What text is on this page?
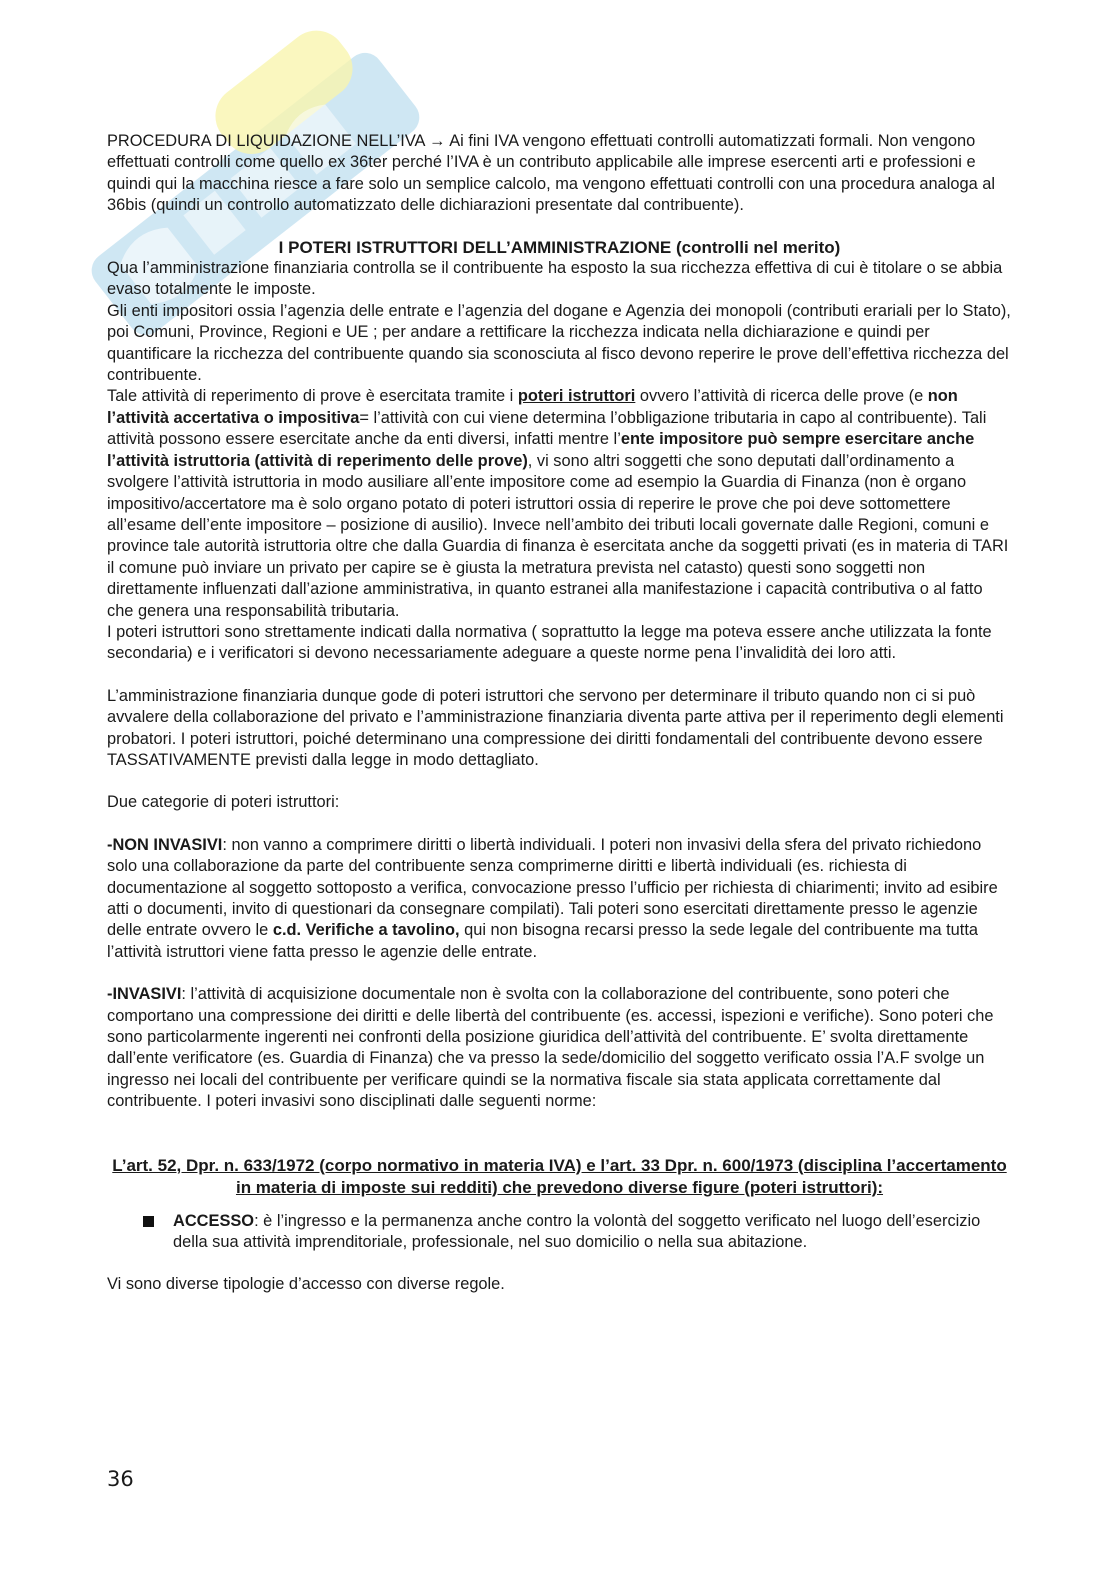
PROCEDURA DI LIQUIDAZIONE NELL’IVA → Ai fini IVA vengono effettuati controlli automatizzati formali. Non vengono effettuati controlli come quello ex 36ter perché l’IVA è un contributo applicabile alle imprese esercenti arti e professioni e quindi qui la macchina riesce a fare solo un semplice calcolo, ma vengono effettuati controlli con una procedura analoga al 36bis (quindi un controllo automatizzato delle dichiarazioni presentate dal contribuente).

I POTERI ISTRUTTORI DELL’AMMINISTRAZIONE (controlli nel merito)

Qua l’amministrazione finanziaria controlla se il contribuente ha esposto la sua ricchezza effettiva di cui è titolare o se abbia evaso totalmente le imposte.

Gli enti impositori ossia l’agenzia delle entrate e l’agenzia del dogane e Agenzia dei monopoli (contributi erariali per lo Stato), poi Comuni, Province, Regioni e UE ; per andare a rettificare la ricchezza indicata nella dichiarazione e quindi per quantificare la ricchezza del contribuente quando sia sconosciuta al fisco devono reperire le prove dell’effettiva ricchezza del contribuente.

Tale attività di reperimento di prove è esercitata tramite i poteri istruttori ovvero l’attività di ricerca delle prove (e non l’attività accertativa o impositiva= l’attività con cui viene determina l’obbligazione tributaria in capo al contribuente). Tali attività possono essere esercitate anche da enti diversi, infatti mentre l’ente impositore può sempre esercitare anche l’attività istruttoria (attività di reperimento delle prove), vi sono altri soggetti che sono deputati dall’ordinamento a svolgere l’attività istruttoria in modo ausiliare all’ente impositore come ad esempio la Guardia di Finanza (non è organo impositivo/accertatore ma è solo organo potato di poteri istruttori ossia di reperire le prove che poi deve sottomettere all’esame dell’ente impositore – posizione di ausilio). Invece nell’ambito dei tributi locali governate dalle Regioni, comuni e province tale autorità istruttoria oltre che dalla Guardia di finanza è esercitata anche da soggetti privati (es in materia di TARI il comune può inviare un privato per capire se è giusta la metratura prevista nel catasto) questi sono soggetti non direttamente influenzati dall’azione amministrativa, in quanto estranei alla manifestazione i capacità contributiva o al fatto che genera una responsabilità tributaria.

I poteri istruttori sono strettamente indicati dalla normativa ( soprattutto la legge ma poteva essere anche utilizzata la fonte secondaria) e i verificatori si devono necessariamente adeguare a queste norme pena l’invalidità dei loro atti.

L’amministrazione finanziaria dunque gode di poteri istruttori che servono per determinare il tributo quando non ci si può avvalere della collaborazione del privato e l’amministrazione finanziaria diventa parte attiva per il reperimento degli elementi probatori. I poteri istruttori, poiché determinano una compressione dei diritti fondamentali del contribuente devono essere TASSATIVAMENTE previsti dalla legge in modo dettagliato.

Due categorie di poteri istruttori:

-NON INVASIVI: non vanno a comprimere diritti o libertà individuali. I poteri non invasivi della sfera del privato richiedono solo una collaborazione da parte del contribuente senza comprimerne diritti e libertà individuali (es. richiesta di documentazione al soggetto sottoposto a verifica, convocazione presso l’ufficio per richiesta di chiarimenti; invito ad esibire atti o documenti, invito di questionari da consegnare compilati). Tali poteri sono esercitati direttamente presso le agenzie delle entrate ovvero le c.d. Verifiche a tavolino, qui non bisogna recarsi presso la sede legale del contribuente ma tutta l’attività istruttori viene fatta presso le agenzie delle entrate.

-INVASIVI: l’attività di acquisizione documentale non è svolta con la collaborazione del contribuente, sono poteri che comportano una compressione dei diritti e delle libertà del contribuente (es. accessi, ispezioni e verifiche). Sono poteri che sono particolarmente ingerenti nei confronti della posizione giuridica dell’attività del contribuente. E’ svolta direttamente dall’ente verificatore (es. Guardia di Finanza) che va presso la sede/domicilio del soggetto verificato ossia l’A.F svolge un ingresso nei locali del contribuente per verificare quindi se la normativa fiscale sia stata applicata correttamente dal contribuente. I poteri invasivi sono disciplinati dalle seguenti norme:

L’art. 52, Dpr. n. 633/1972 (corpo normativo in materia IVA) e l’art. 33 Dpr. n. 600/1973 (disciplina l’accertamento in materia di imposte sui redditi) che prevedono diverse figure (poteri istruttori):

ACCESSO: è l’ingresso e la permanenza anche contro la volontà del soggetto verificato nel luogo dell’esercizio della sua attività imprenditoriale, professionale, nel suo domicilio o nella sua abitazione.

Vi sono diverse tipologie d’accesso con diverse regole.

36
